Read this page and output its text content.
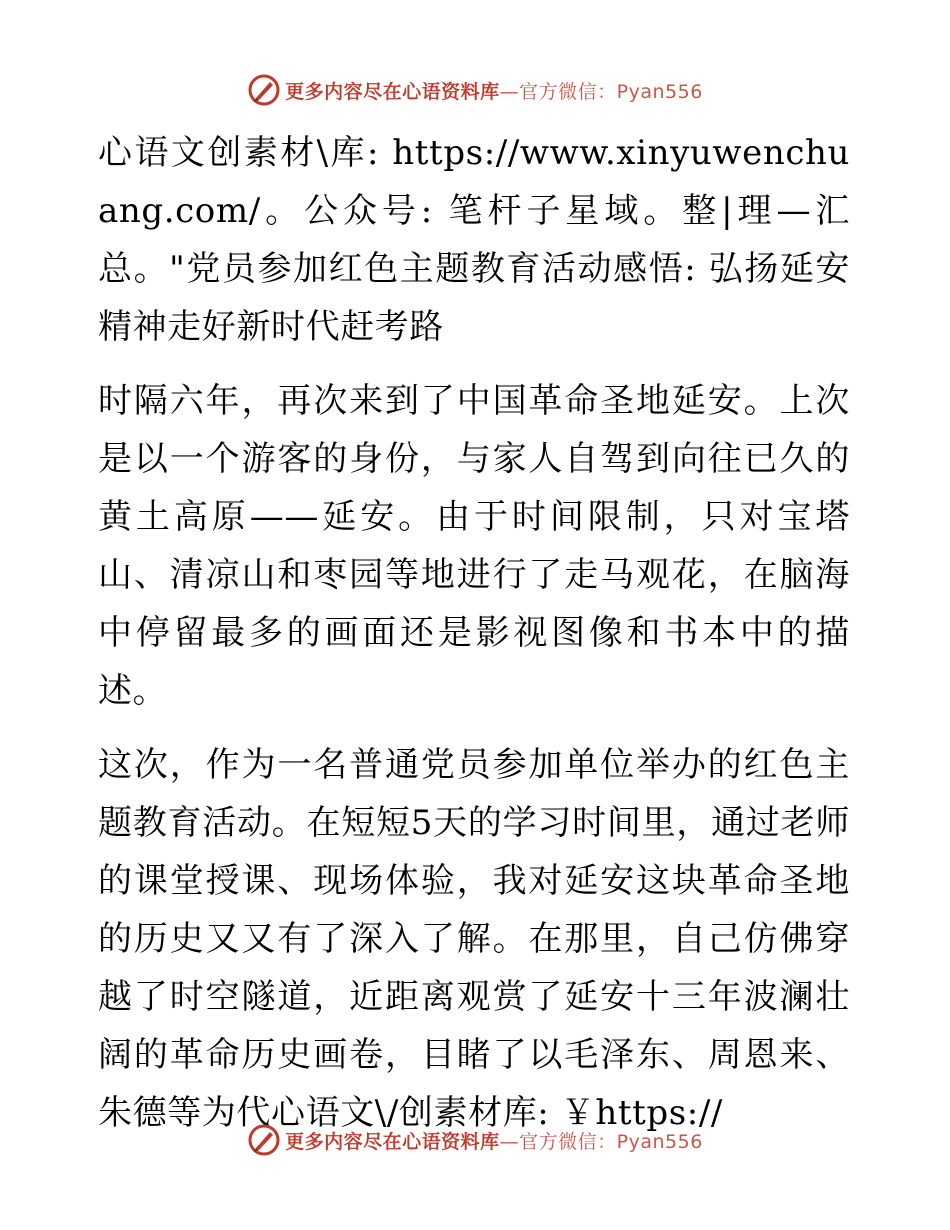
更多内容尽在心语资料库 —官方微信：Pyan556

心语文创素材\库: https://www.xinyuwenchuang.com/。公众号: 笔杆子星域。整|理—汇总。"党员参加红色主题教育活动感悟: 弘扬延安精神走好新时代赶考路

时隔六年，再次来到了中国革命圣地延安。上次是以一个游客的身份，与家人自驾到向往已久的黄土高原——延安。由于时间限制，只对宝塔山、清凉山和枣园等地进行了走马观花，在脑海中停留最多的画面还是影视图像和书本中的描述。

这次，作为一名普通党员参加单位举办的红色主题教育活动。在短短5天的学习时间里，通过老师的课堂授课、现场体验，我对延安这块革命圣地的历史又又有了深入了解。在那里，自己仿佛穿越了时空隧道，近距离观赏了延安十三年波澜壮阔的革命历史画卷，目睹了以毛泽东、周恩来、朱德等为代心语文\/创素材库: ￥https://

更多内容尽在心语资料库 —官方微信：Pyan556
